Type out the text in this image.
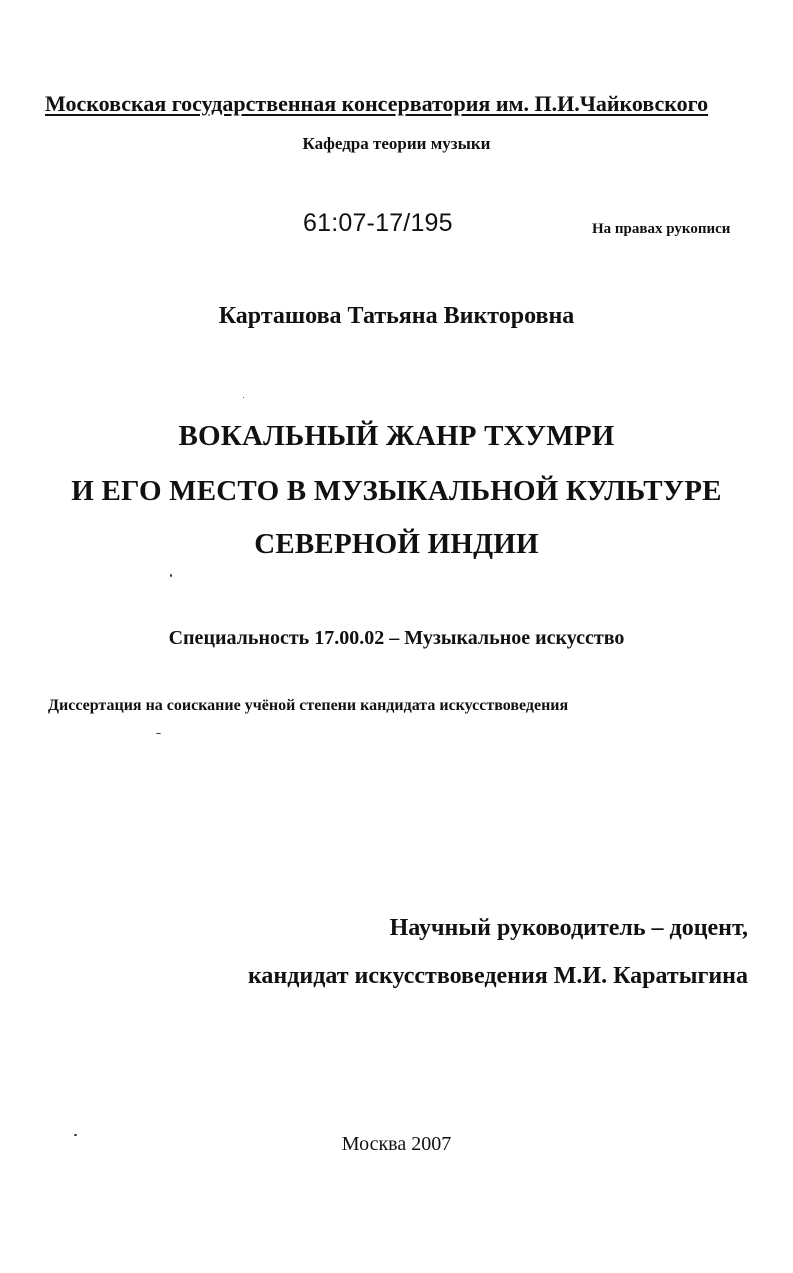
Московская государственная консерватория им. П.И.Чайковского
Кафедра теории музыки
61:07-17/195	На правах рукописи
Карташова Татьяна Викторовна
ВОКАЛЬНЫЙ ЖАНР ТХУМРИ
И ЕГО МЕСТО В МУЗЫКАЛЬНОЙ КУЛЬТУРЕ
СЕВЕРНОЙ ИНДИИ
Специальность 17.00.02 – Музыкальное искусство
Диссертация на соискание учёной степени кандидата искусствоведения
Научный руководитель – доцент,
кандидат искусствоведения М.И. Каратыгина
Москва 2007
